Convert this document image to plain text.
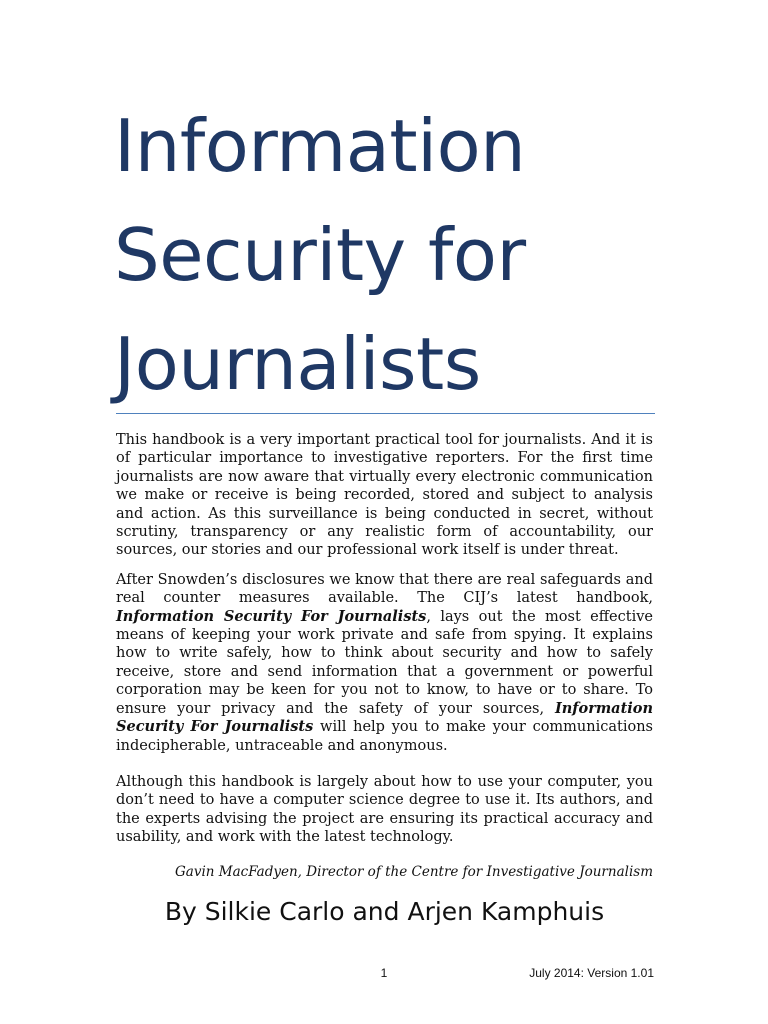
Information
Security for
Journalists

This handbook is a very important practical tool for journalists. And it is of particular importance to investigative reporters. For the first time journalists are now aware that virtually every electronic communication we make or receive is being recorded, stored and subject to analysis and action. As this surveillance is being conducted in secret, without scrutiny, transparency or any realistic form of accountability, our sources, our stories and our professional work itself is under threat.

After Snowden’s disclosures we know that there are real safeguards and real counter measures available. The CIJ’s latest handbook, Information Security For Journalists, lays out the most effective means of keeping your work private and safe from spying. It explains how to write safely, how to think about security and how to safely receive, store and send information that a government or powerful corporation may be keen for you not to know, to have or to share. To ensure your privacy and the safety of your sources, Information Security For Journalists will help you to make your communications indecipherable, untraceable and anonymous.

Although this handbook is largely about how to use your computer, you don’t need to have a computer science degree to use it. Its authors, and the experts advising the project are ensuring its practical accuracy and usability, and work with the latest technology.

Gavin MacFadyen, Director of the Centre for Investigative Journalism
By Silkie Carlo and Arjen Kamphuis
1	July 2014: Version 1.01
